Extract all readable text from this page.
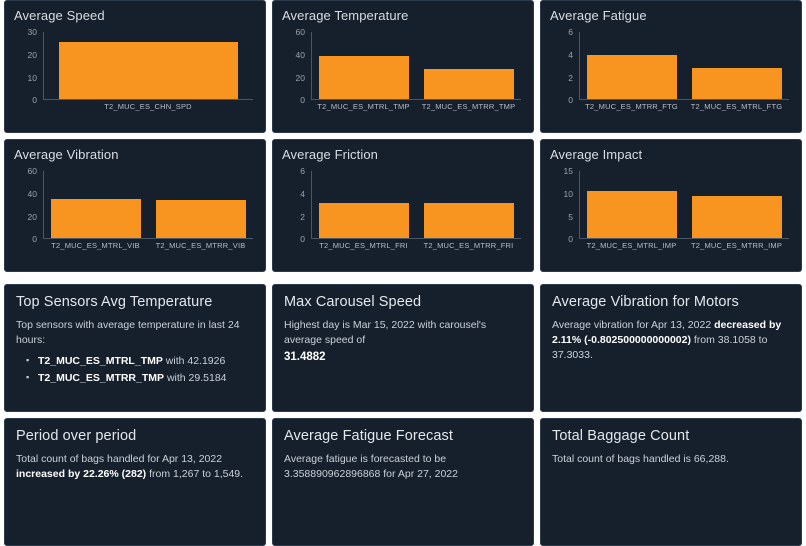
Average Speed
30
20
10
0
T2_MUC_ES_CHN_SPD
Average Temperature
60
40
20
0
T2_MUC_ES_MTRL_TMP	T2_MUC_ES_MTRR_TMP
Average Fatigue
6
4
2
0
T2_MUC_ES_MTRR_FTG	T2_MUC_ES_MTRL_FTG
Average Vibration
60
40
20
0
T2_MUC_ES_MTRL_VIB	T2_MUC_ES_MTRR_VIB
Average Friction
6
4
2
0
T2_MUC_ES_MTRL_FRI	T2_MUC_ES_MTRR_FRI
Average Impact
15
10
5
0
T2_MUC_ES_MTRL_IMP	T2_MUC_ES_MTRR_IMP
Top Sensors Avg Temperature
Top sensors with average temperature in last 24 hours:
▪ T2_MUC_ES_MTRL_TMP with 42.1926
▪ T2_MUC_ES_MTRR_TMP with 29.5184
Max Carousel Speed
Highest day is Mar 15, 2022 with carousel's average speed of
31.4882
Average Vibration for Motors
Average vibration for Apr 13, 2022 decreased by 2.11% (-0.802500000000002) from 38.1058 to 37.3033.
Period over period
Total count of bags handled for Apr 13, 2022 increased by 22.26% (282) from 1,267 to 1,549.
Average Fatigue Forecast
Average fatigue is forecasted to be 3.358890962896868 for Apr 27, 2022
Total Baggage Count
Total count of bags handled is 66,288.
